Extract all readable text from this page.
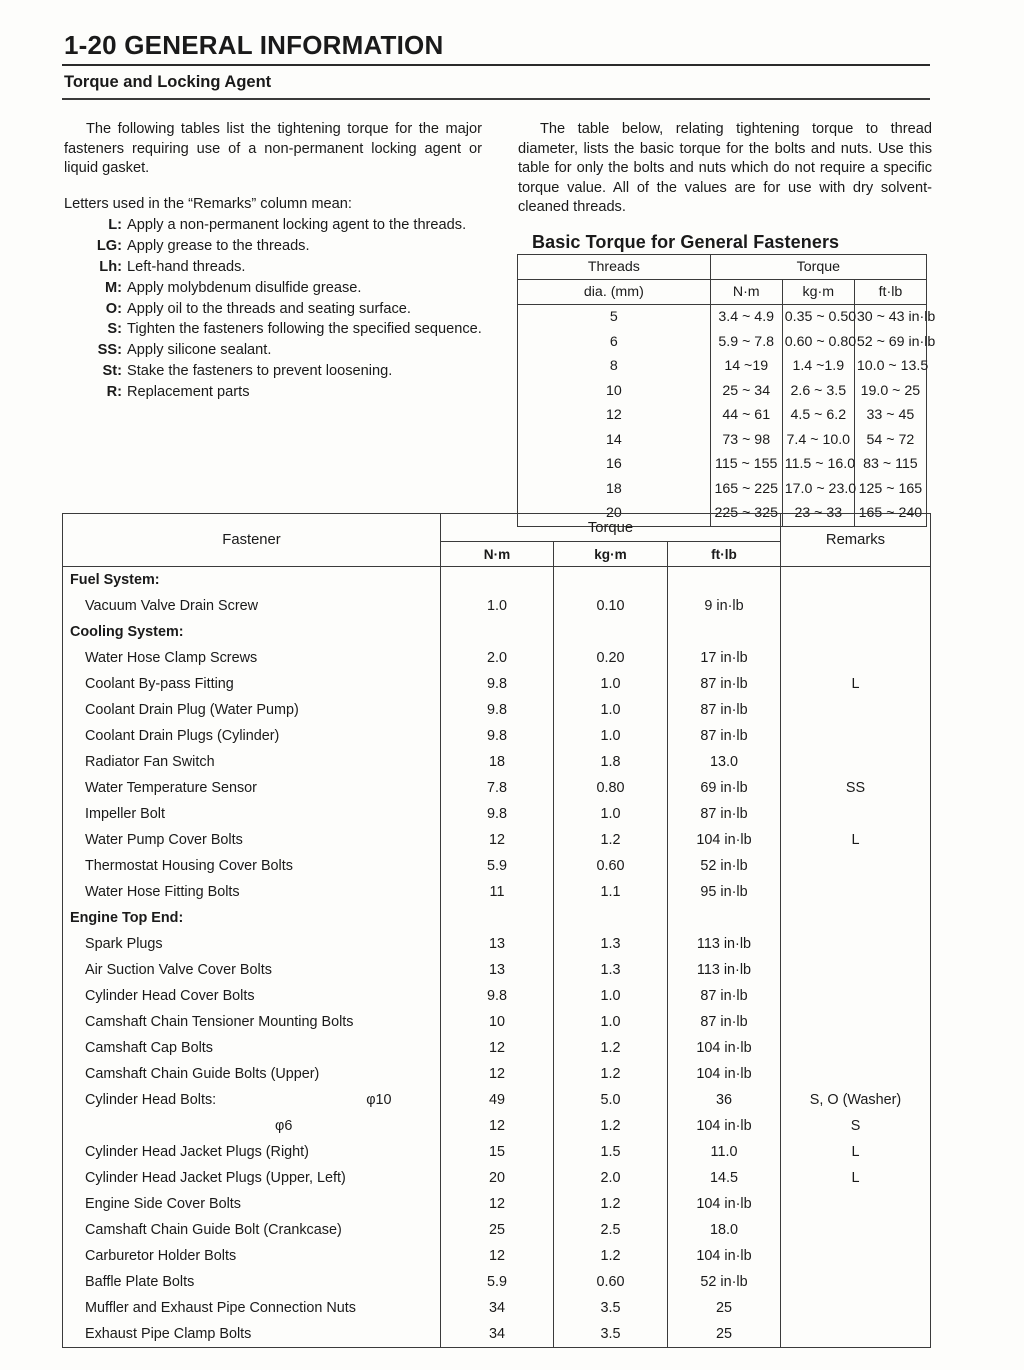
1-20 GENERAL INFORMATION
Torque and Locking Agent

The following tables list the tightening torque for the major fasteners requiring use of a non-permanent locking agent or liquid gasket.

Letters used in the “Remarks” column mean:

L: Apply a non-permanent locking agent to the threads.
LG: Apply grease to the threads.
Lh: Left-hand threads.
M: Apply molybdenum disulfide grease.
O: Apply oil to the threads and seating surface.
S: Tighten the fasteners following the specified sequence.
SS: Apply silicone sealant.
St: Stake the fasteners to prevent loosening.
R: Replacement parts

The table below, relating tightening torque to thread diameter, lists the basic torque for the bolts and nuts. Use this table for only the bolts and nuts which do not require a specific torque value. All of the values are for use with dry solvent-cleaned threads.

Basic Torque for General Fasteners
Threads	Torque		
dia. (mm)	N·m	kg·m	ft·lb
5	3.4 ~ 4.9	0.35 ~ 0.50	30 ~ 43 in·lb
6	5.9 ~ 7.8	0.60 ~ 0.80	52 ~ 69 in·lb
8	14 ~19	1.4 ~1.9	10.0 ~ 13.5
10	25 ~ 34	2.6 ~ 3.5	19.0 ~ 25
12	44 ~ 61	4.5 ~ 6.2	33 ~ 45
14	73 ~ 98	7.4 ~ 10.0	54 ~ 72
16	115 ~ 155	11.5 ~ 16.0	83 ~ 115
18	165 ~ 225	17.0 ~ 23.0	125 ~ 165
20	225 ~ 325	23 ~ 33	165 ~ 240
Fastener	Torque			Remarks
	N·m	kg·m	ft·lb	
Fuel System:				
Vacuum Valve Drain Screw	1.0	0.10	9 in·lb	
Cooling System:				
Water Hose Clamp Screws	2.0	0.20	17 in·lb	
Coolant By-pass Fitting	9.8	1.0	87 in·lb	L
Coolant Drain Plug (Water Pump)	9.8	1.0	87 in·lb	
Coolant Drain Plugs (Cylinder)	9.8	1.0	87 in·lb	
Radiator Fan Switch	18	1.8	13.0	
Water Temperature Sensor	7.8	0.80	69 in·lb	SS
Impeller Bolt	9.8	1.0	87 in·lb	
Water Pump Cover Bolts	12	1.2	104 in·lb	L
Thermostat Housing Cover Bolts	5.9	0.60	52 in·lb	
Water Hose Fitting Bolts	11	1.1	95 in·lb	
Engine Top End:				
Spark Plugs	13	1.3	113 in·lb	
Air Suction Valve Cover Bolts	13	1.3	113 in·lb	
Cylinder Head Cover Bolts	9.8	1.0	87 in·lb	
Camshaft Chain Tensioner Mounting Bolts	10	1.0	87 in·lb	
Camshaft Cap Bolts	12	1.2	104 in·lb	
Camshaft Chain Guide Bolts (Upper)	12	1.2	104 in·lb	
Cylinder Head Bolts: φ10	49	5.0	36	S, O (Washer)
φ6	12	1.2	104 in·lb	S
Cylinder Head Jacket Plugs (Right)	15	1.5	11.0	L
Cylinder Head Jacket Plugs (Upper, Left)	20	2.0	14.5	L
Engine Side Cover Bolts	12	1.2	104 in·lb	
Camshaft Chain Guide Bolt (Crankcase)	25	2.5	18.0	
Carburetor Holder Bolts	12	1.2	104 in·lb	
Baffle Plate Bolts	5.9	0.60	52 in·lb	
Muffler and Exhaust Pipe Connection Nuts	34	3.5	25	
Exhaust Pipe Clamp Bolts	34	3.5	25	
